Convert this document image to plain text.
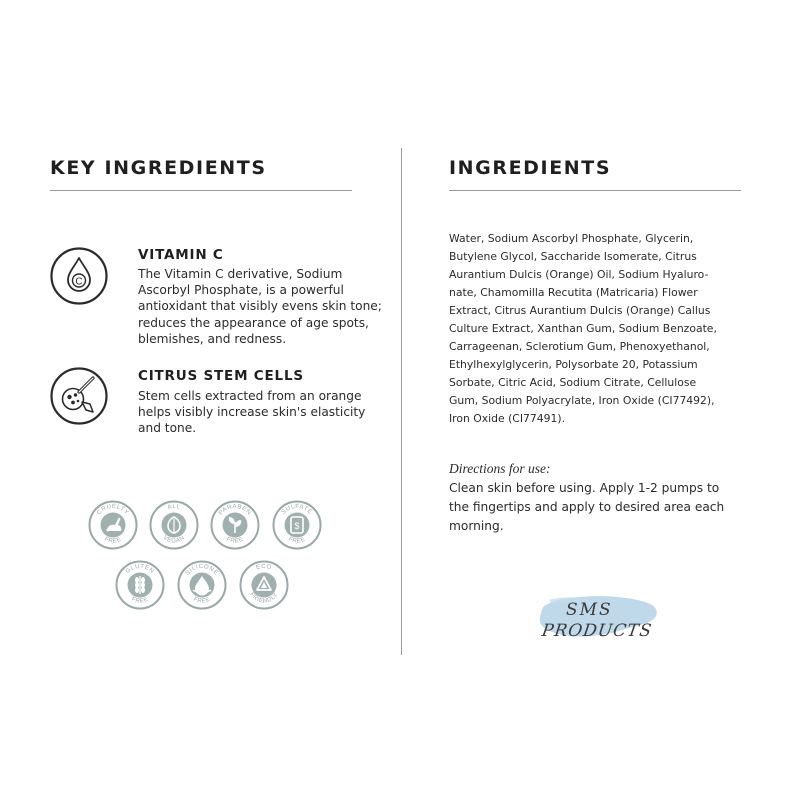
KEY INGREDIENTS
C
VITAMIN C
The Vitamin C derivative, Sodium
Ascorbyl Phosphate, is a powerful
antioxidant that visibly evens skin tone;
reduces the appearance of age spots,
blemishes, and redness.
CITRUS STEM CELLS
Stem cells extracted from an orange
helps visibly increase skin's elasticity
and tone.
CRUELTY
FREE
ALL
VEGAN
PARABEN
FREE
$
SULFATE
FREE
GLUTEN
FREE
SILICONE
FREE
ECO
FRIENDLY
INGREDIENTS
Water, Sodium Ascorbyl Phosphate, Glycerin,
Butylene Glycol, Saccharide Isomerate, Citrus
Aurantium Dulcis (Orange) Oil, Sodium Hyaluro-
nate, Chamomilla Recutita (Matricaria) Flower
Extract, Citrus Aurantium Dulcis (Orange) Callus
Culture Extract, Xanthan Gum, Sodium Benzoate,
Carrageenan, Sclerotium Gum, Phenoxyethanol,
Ethylhexylglycerin, Polysorbate 20, Potassium
Sorbate, Citric Acid, Sodium Citrate, Cellulose
Gum, Sodium Polyacrylate, Iron Oxide (CI77492),
Iron Oxide (CI77491).
Directions for use:
Clean skin before using. Apply 1-2 pumps to
the fingertips and apply to desired area each
morning.
SMS
PRODUCTS
